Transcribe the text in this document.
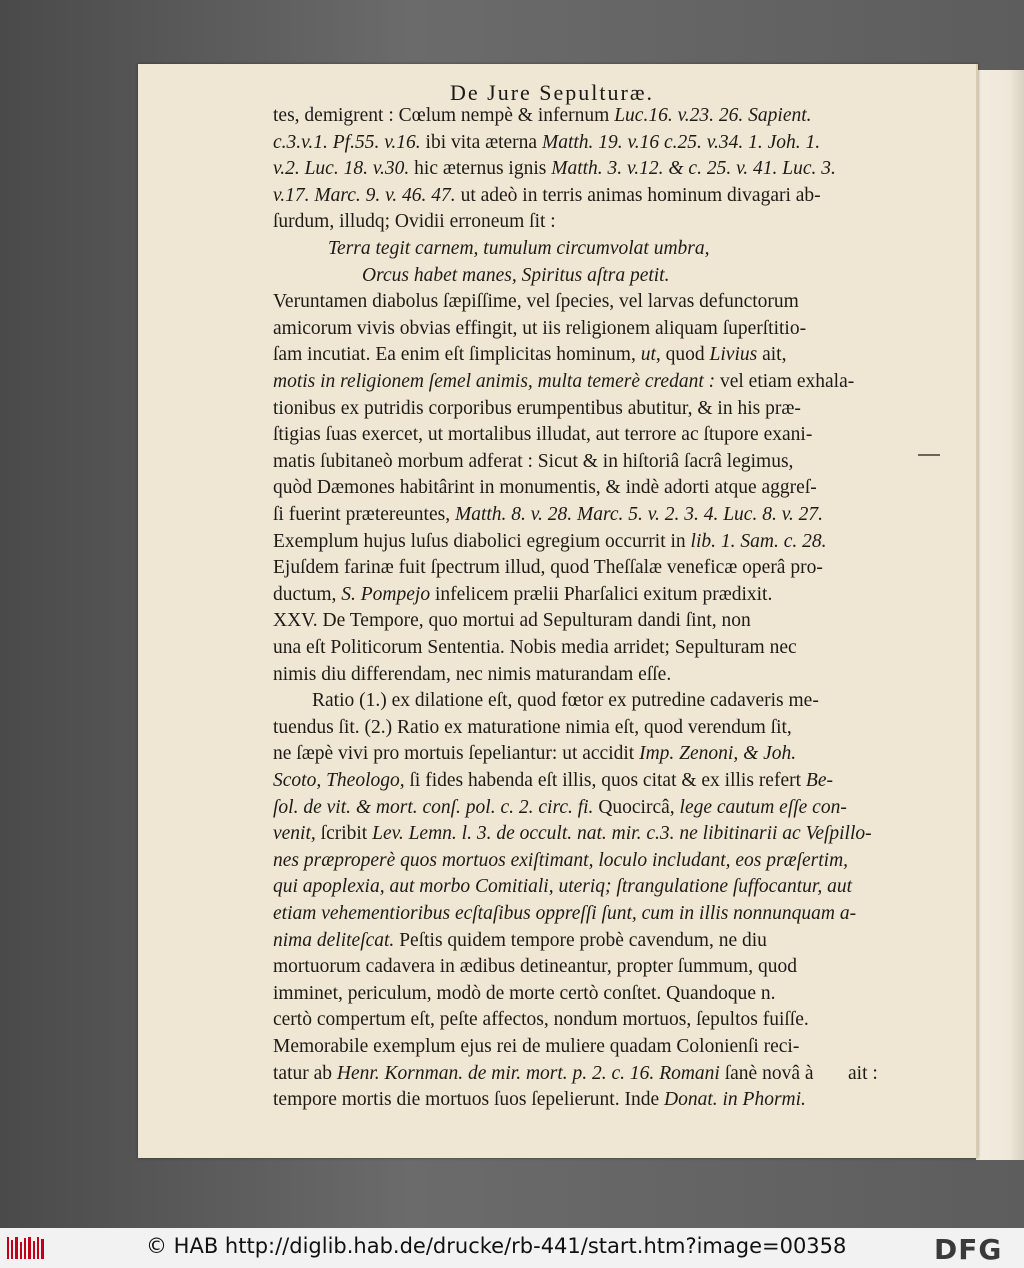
De Jure Sepulturæ.
tes, demigrent : Cœlum nempè & infernum Luc.16. v.23. 26. Sapient.
c.3.v.1. Pf.55. v.16. ibi vita æterna Matth. 19. v.16 c.25. v.34. 1. Joh. 1.
v.2. Luc. 18. v.30. hic æternus ignis Matth. 3. v.12. & c. 25. v. 41. Luc. 3.
v.17. Marc. 9. v. 46. 47. ut adeò in terris animas hominum divagari ab-
ſurdum, illudq; Ovidii erroneum ſit :
Terra tegit carnem, tumulum circumvolat umbra,
Orcus habet manes, Spiritus aſtra petit.
Veruntamen diabolus ſæpiſſime, vel ſpecies, vel larvas defunctorum
amicorum vivis obvias effingit, ut iis religionem aliquam ſuperſtitio-
ſam incutiat. Ea enim eſt ſimplicitas hominum, ut, quod Livius ait,
motis in religionem ſemel animis, multa temerè credant : vel etiam exhala-
tionibus ex putridis corporibus erumpentibus abutitur, & in his præ-
ſtigias ſuas exercet, ut mortalibus illudat, aut terrore ac ſtupore exani-
matis ſubitaneò morbum adferat : Sicut & in hiſtoriâ ſacrâ legimus,
quòd Dæmones habitârint in monumentis, & indè adorti atque aggreſ-
ſi fuerint prætereuntes, Matth. 8. v. 28. Marc. 5. v. 2. 3. 4. Luc. 8. v. 27.
Exemplum hujus luſus diabolici egregium occurrit in lib. 1. Sam. c. 28.
Ejuſdem farinæ fuit ſpectrum illud, quod Theſſalæ veneficæ operâ pro-
ductum, S. Pompejo infelicem prælii Pharſalici exitum prædixit.
XXV. De Tempore, quo mortui ad Sepulturam dandi ſint, non
una eſt Politicorum Sententia. Nobis media arridet; Sepulturam nec
nimis diu differendam, nec nimis maturandam eſſe.
Ratio (1.) ex dilatione eſt, quod fœtor ex putredine cadaveris me-
tuendus ſit. (2.) Ratio ex maturatione nimia eſt, quod verendum ſit,
ne ſæpè vivi pro mortuis ſepeliantur: ut accidit Imp. Zenoni, & Joh.
Scoto, Theologo, ſi fides habenda eſt illis, quos citat & ex illis refert Be-
ſol. de vit. & mort. conſ. pol. c. 2. circ. fi. Quocircâ, lege cautum eſſe con-
venit, ſcribit Lev. Lemn. l. 3. de occult. nat. mir. c.3. ne libitinarii ac Veſpillo-
nes præproperè quos mortuos exiſtimant, loculo includant, eos præſertim,
qui apoplexia, aut morbo Comitiali, uteriq; ſtrangulatione ſuffocantur, aut
etiam vehementioribus ecſtaſibus oppreſſi ſunt, cum in illis nonnunquam a-
nima deliteſcat. Peſtis quidem tempore probè cavendum, ne diu
mortuorum cadavera in ædibus detineantur, propter ſummum, quod
imminet, periculum, modò de morte certò conſtet. Quandoque n.
certò compertum eſt, peſte affectos, nondum mortuos, ſepultos fuiſſe.
Memorabile exemplum ejus rei de muliere quadam Colonienſi reci-
tatur ab Henr. Kornman. de mir. mort. p. 2. c. 16. Romani ſanè novâ à
tempore mortis die mortuos ſuos ſepelierunt. Inde Donat. in Phormi.
ait :
© HAB http://diglib.hab.de/drucke/rb-441/start.htm?image=00358	DFG
